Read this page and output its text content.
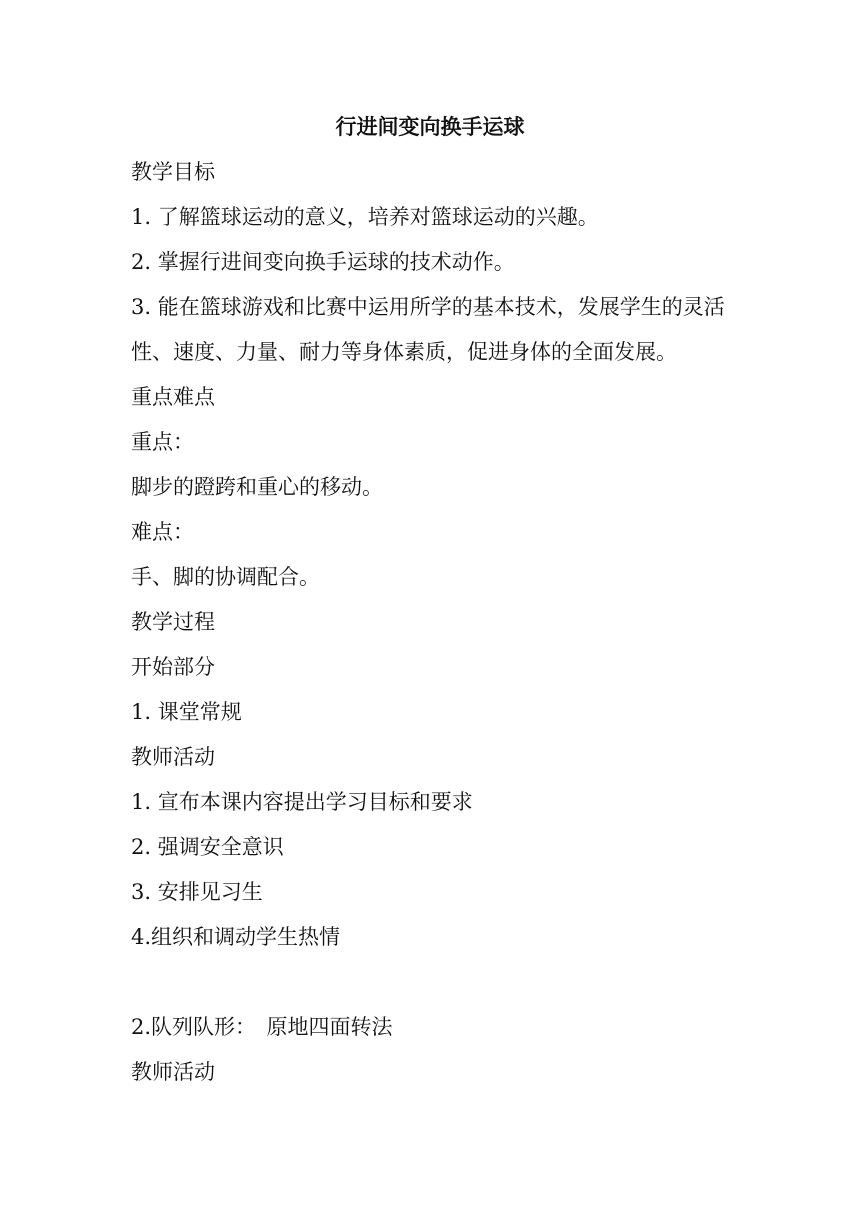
行进间变向换手运球
教学目标
1. 了解篮球运动的意义，培养对篮球运动的兴趣。
2. 掌握行进间变向换手运球的技术动作。
3. 能在篮球游戏和比赛中运用所学的基本技术，发展学生的灵活
性、速度、力量、耐力等身体素质，促进身体的全面发展。
重点难点
重点：
脚步的蹬跨和重心的移动。
难点：
手、脚的协调配合。
教学过程
开始部分
1. 课堂常规
教师活动
1. 宣布本课内容提出学习目标和要求
2. 强调安全意识
3. 安排见习生
4.组织和调动学生热情
2.队列队形：　原地四面转法
教师活动
